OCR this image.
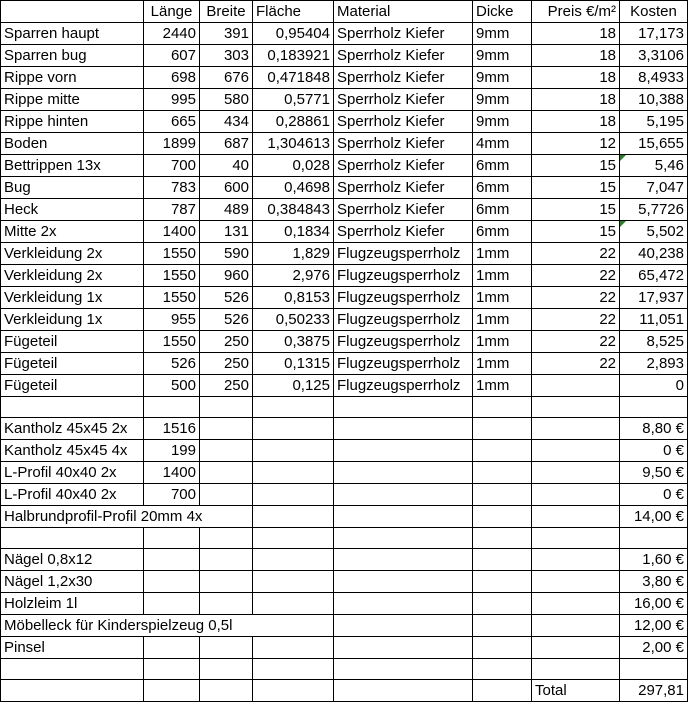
	Länge	Breite	Fläche	Material	Dicke	Preis €/m²	Kosten
Sparren haupt	2440	391	0,95404	Sperrholz Kiefer	9mm	18	17,173
Sparren bug	607	303	0,183921	Sperrholz Kiefer	9mm	18	3,3106
Rippe vorn	698	676	0,471848	Sperrholz Kiefer	9mm	18	8,4933
Rippe mitte	995	580	0,5771	Sperrholz Kiefer	9mm	18	10,388
Rippe hinten	665	434	0,28861	Sperrholz Kiefer	9mm	18	5,195
Boden	1899	687	1,304613	Sperrholz Kiefer	4mm	12	15,655
Bettrippen 13x	700	40	0,028	Sperrholz Kiefer	6mm	15	5,46
Bug	783	600	0,4698	Sperrholz Kiefer	6mm	15	7,047
Heck	787	489	0,384843	Sperrholz Kiefer	6mm	15	5,7726
Mitte 2x	1400	131	0,1834	Sperrholz Kiefer	6mm	15	5,502
Verkleidung 2x	1550	590	1,829	Flugzeugsperrholz	1mm	22	40,238
Verkleidung 2x	1550	960	2,976	Flugzeugsperrholz	1mm	22	65,472
Verkleidung 1x	1550	526	0,8153	Flugzeugsperrholz	1mm	22	17,937
Verkleidung 1x	955	526	0,50233	Flugzeugsperrholz	1mm	22	11,051
Fügeteil	1550	250	0,3875	Flugzeugsperrholz	1mm	22	8,525
Fügeteil	526	250	0,1315	Flugzeugsperrholz	1mm	22	2,893
Fügeteil	500	250	0,125	Flugzeugsperrholz	1mm		0

Kantholz 45x45 2x	1516						8,80 €
Kantholz 45x45 4x	199						0 €
L-Profil 40x40 2x	1400						9,50 €
L-Profil 40x40 2x	700						0 €
Halbrundprofil-Profil 20mm 4x							14,00 €

Nägel 0,8x12							1,60 €
Nägel 1,2x30							3,80 €
Holzleim 1l							16,00 €
Möbelleck für Kinderspielzeug 0,5l							12,00 €
Pinsel							2,00 €

						Total	297,81
